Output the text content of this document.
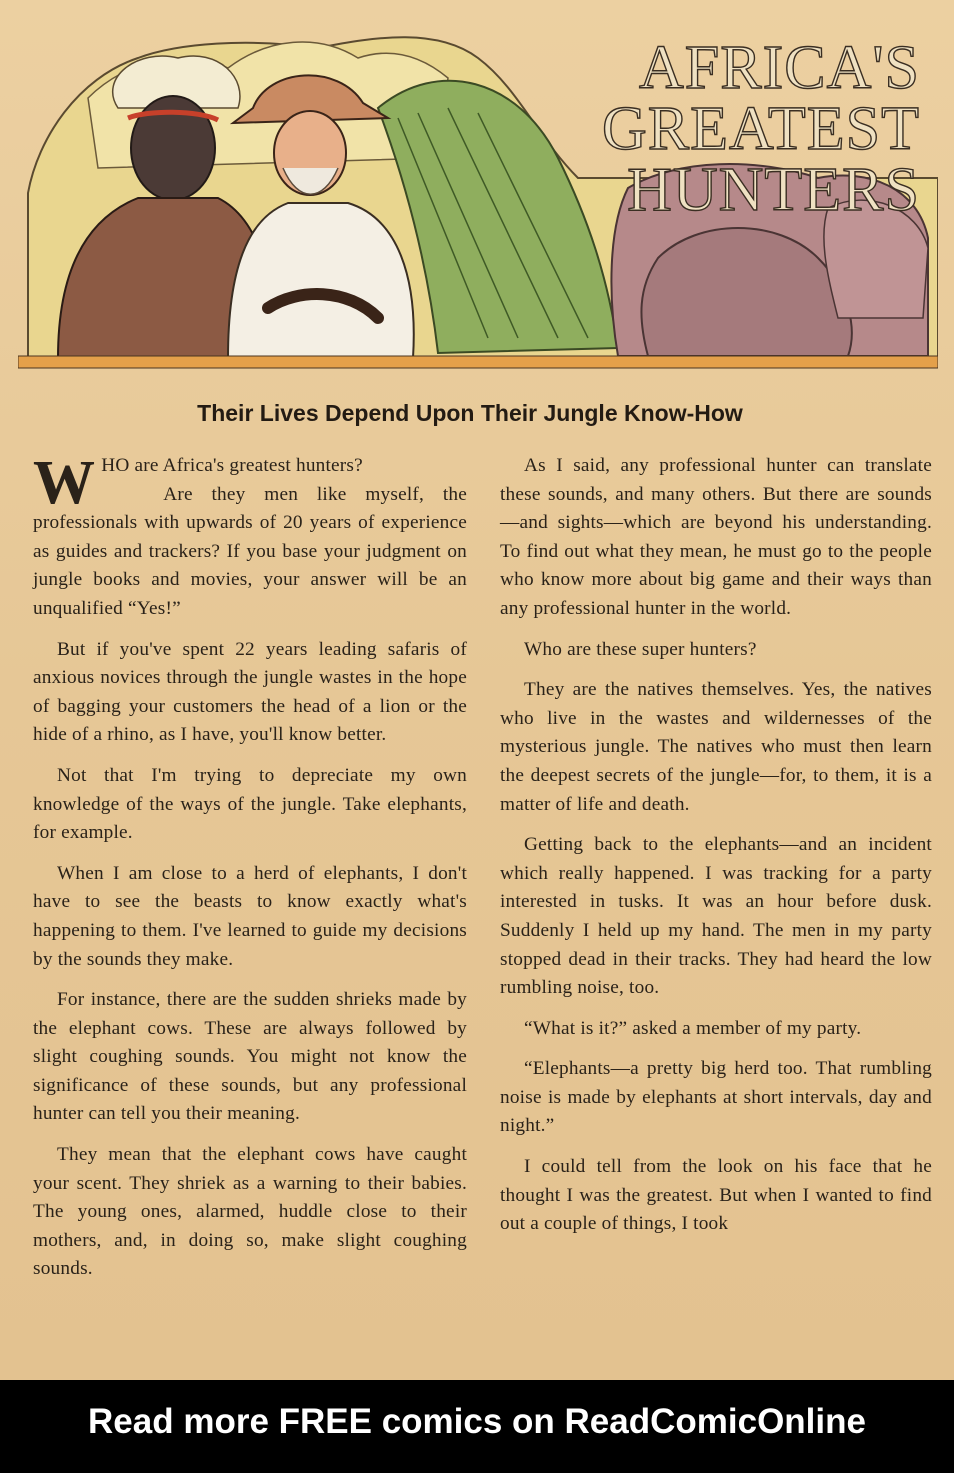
AFRICA'S
GREATEST
HUNTERS
Their Lives Depend Upon Their Jungle Know-How

WHO are Africa's greatest hunters?
Are they men like myself, the professionals with upwards of 20 years of experience as guides and trackers? If you base your judgment on jungle books and movies, your answer will be an unqualified “Yes!”

But if you've spent 22 years leading safaris of anxious novices through the jungle wastes in the hope of bagging your customers the head of a lion or the hide of a rhino, as I have, you'll know better.

Not that I'm trying to depreciate my own knowledge of the ways of the jungle. Take elephants, for example.

When I am close to a herd of elephants, I don't have to see the beasts to know exactly what's happening to them. I've learned to guide my decisions by the sounds they make.

For instance, there are the sudden shrieks made by the elephant cows. These are always followed by slight coughing sounds. You might not know the significance of these sounds, but any professional hunter can tell you their meaning.

They mean that the elephant cows have caught your scent. They shriek as a warning to their babies. The young ones, alarmed, huddle close to their mothers, and, in doing so, make slight coughing sounds.

As I said, any professional hunter can translate these sounds, and many others. But there are sounds—and sights—which are beyond his understanding. To find out what they mean, he must go to the people who know more about big game and their ways than any professional hunter in the world.

Who are these super hunters?

They are the natives themselves. Yes, the natives who live in the wastes and wildernesses of the mysterious jungle. The natives who must then learn the deepest secrets of the jungle—for, to them, it is a matter of life and death.

Getting back to the elephants—and an incident which really happened. I was tracking for a party interested in tusks. It was an hour before dusk. Suddenly I held up my hand. The men in my party stopped dead in their tracks. They had heard the low rumbling noise, too.

“What is it?” asked a member of my party.

“Elephants—a pretty big herd too. That rumbling noise is made by elephants at short intervals, day and night.”

I could tell from the look on his face that he thought I was the greatest. But when I wanted to find out a couple of things, I took

Read more FREE comics on ReadComicOnline
